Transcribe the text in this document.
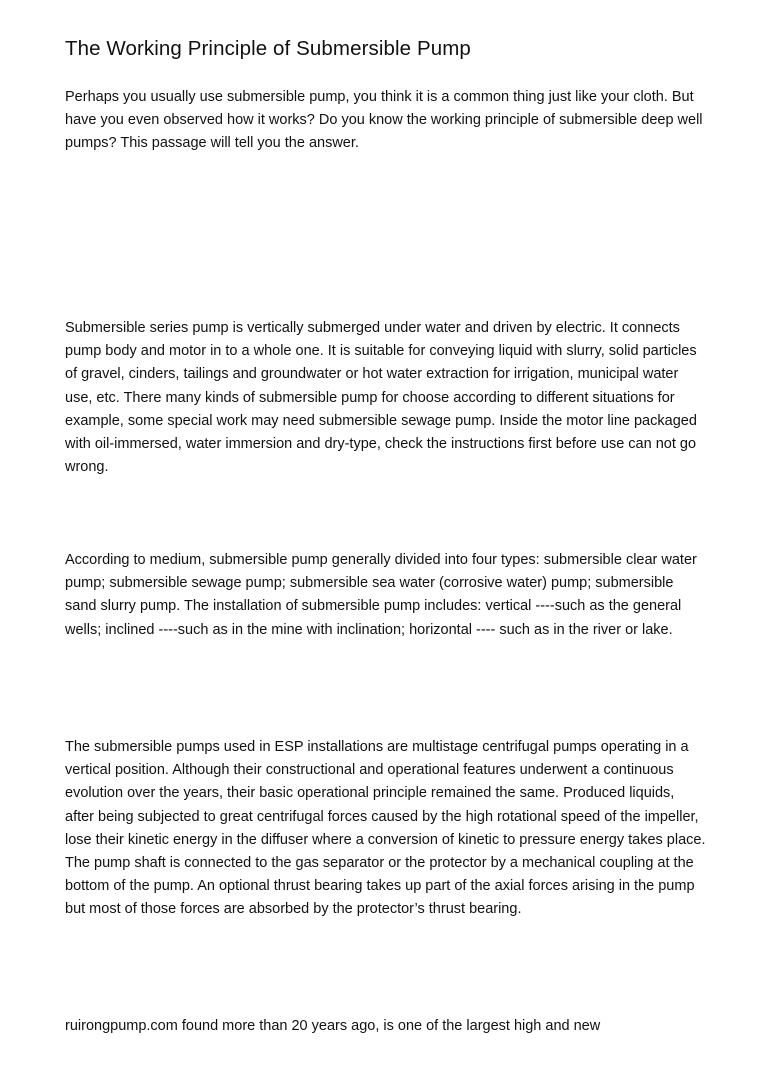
The Working Principle of Submersible Pump

Perhaps you usually use submersible pump, you think it is a common thing just like your cloth. But have you even observed how it works? Do you know the working principle of submersible deep well pumps? This passage will tell you the answer.

Submersible series pump is vertically submerged under water and driven by electric. It connects pump body and motor in to a whole one. It is suitable for conveying liquid with slurry, solid particles of gravel, cinders, tailings and groundwater or hot water extraction for irrigation, municipal water use, etc. There many kinds of submersible pump for choose according to different situations for example, some special work may need submersible sewage pump. Inside the motor line packaged with oil-immersed, water immersion and dry-type, check the instructions first before use can not go wrong.

According to medium, submersible pump generally divided into four types: submersible clear water pump; submersible sewage pump; submersible sea water (corrosive water) pump; submersible sand slurry pump. The installation of submersible pump includes: vertical ----such as the general wells; inclined ----such as in the mine with inclination; horizontal ---- such as in the river or lake.

The submersible pumps used in ESP installations are multistage centrifugal pumps operating in a vertical position. Although their constructional and operational features underwent a continuous evolution over the years, their basic operational principle remained the same. Produced liquids, after being subjected to great centrifugal forces caused by the high rotational speed of the impeller, lose their kinetic energy in the diffuser where a conversion of kinetic to pressure energy takes place. The pump shaft is connected to the gas separator or the protector by a mechanical coupling at the bottom of the pump. An optional thrust bearing takes up part of the axial forces arising in the pump but most of those forces are absorbed by the protector’s thrust bearing.

ruirongpump.com found more than 20 years ago, is one of the largest high and new
